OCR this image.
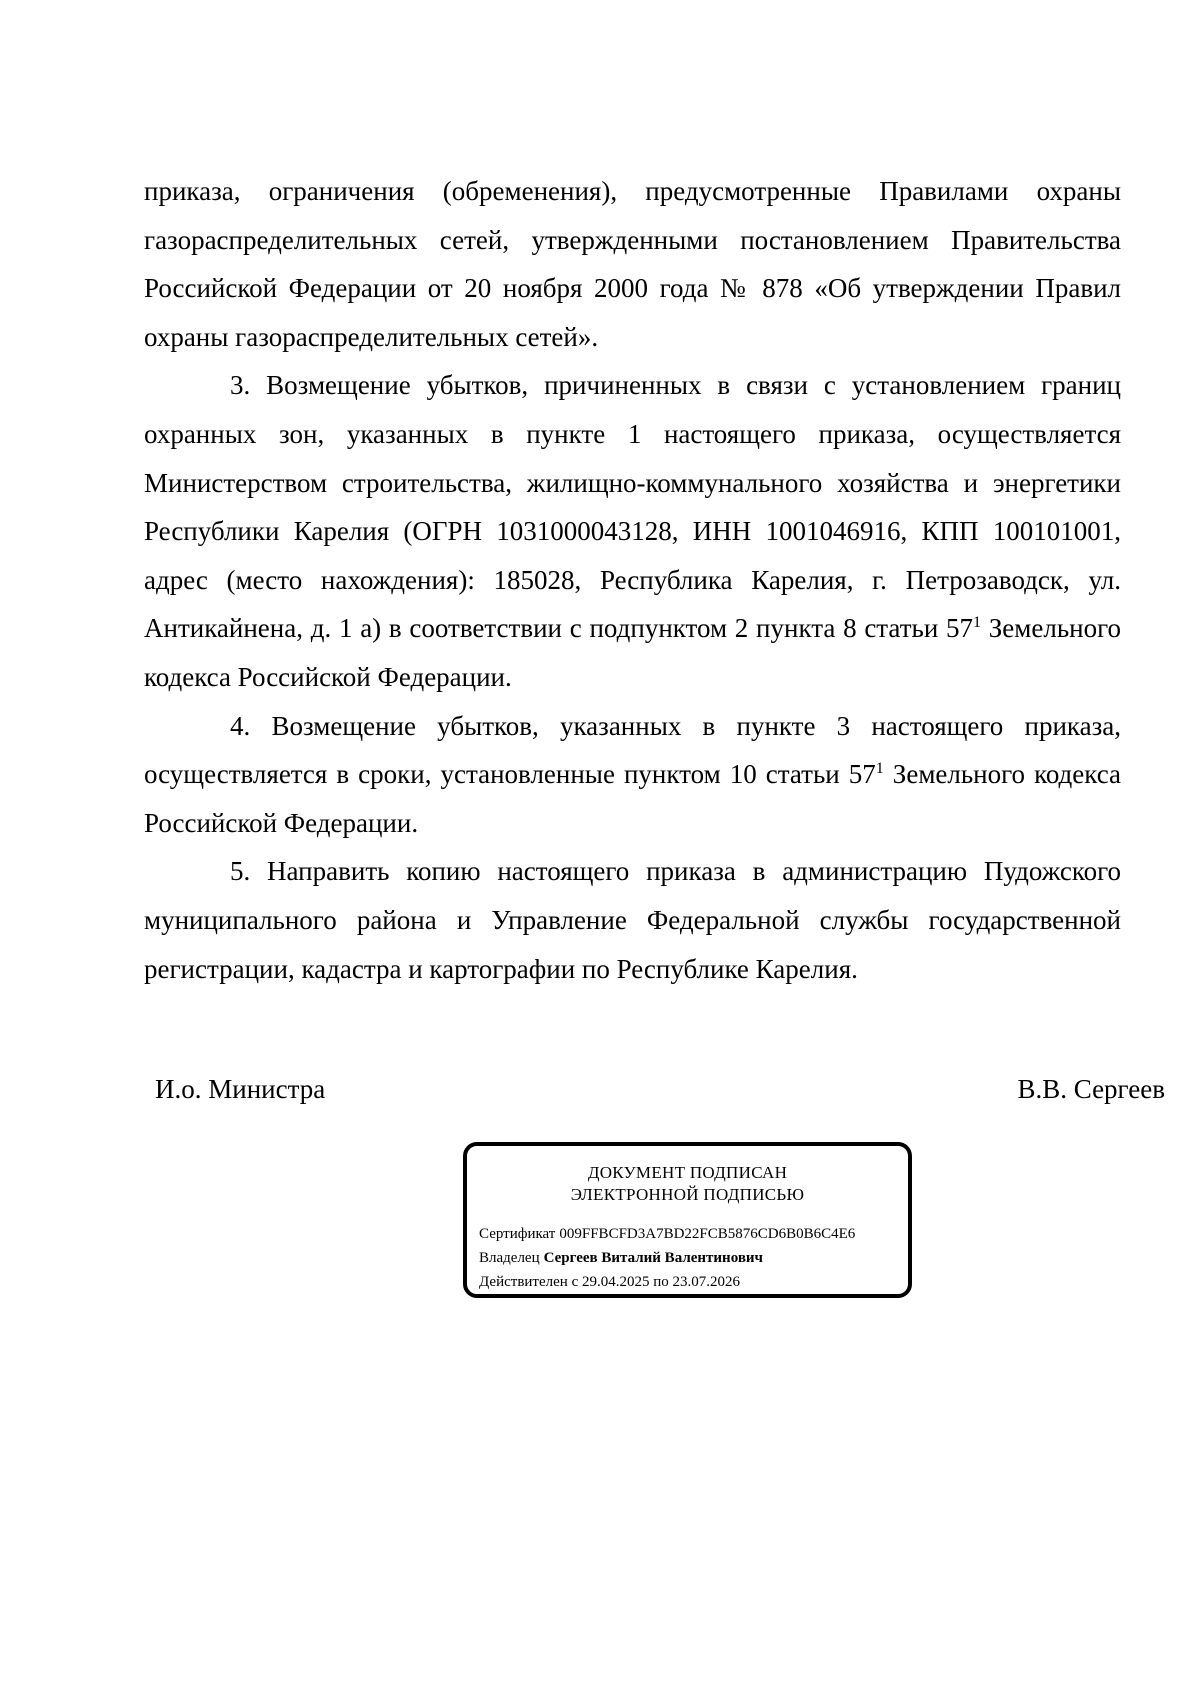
приказа, ограничения (обременения), предусмотренные Правилами охраны газораспределительных сетей, утвержденными постановлением Правительства Российской Федерации от 20 ноября 2000 года № 878 «Об утверждении Правил охраны газораспределительных сетей».

3. Возмещение убытков, причиненных в связи с установлением границ охранных зон, указанных в пункте 1 настоящего приказа, осуществляется Министерством строительства, жилищно-коммунального хозяйства и энергетики Республики Карелия (ОГРН 1031000043128, ИНН 1001046916, КПП 100101001, адрес (место нахождения): 185028, Республика Карелия, г. Петрозаводск, ул. Антикайнена, д. 1 а) в соответствии с подпунктом 2 пункта 8 статьи $57^1$ Земельного кодекса Российской Федерации.

4. Возмещение убытков, указанных в пункте 3 настоящего приказа, осуществляется в сроки, установленные пунктом 10 статьи $57^1$ Земельного кодекса Российской Федерации.

5. Направить копию настоящего приказа в администрацию Пудожского муниципального района и Управление Федеральной службы государственной регистрации, кадастра и картографии по Республике Карелия.

И.о. Министра	В.В. Сергеев
ДОКУМЕНТ ПОДПИСАН
ЭЛЕКТРОННОЙ ПОДПИСЬЮ
Сертификат 009FFBCFD3A7BD22FCB5876CD6B0B6C4E6
Владелец Сергеев Виталий Валентинович
Действителен с 29.04.2025 по 23.07.2026
